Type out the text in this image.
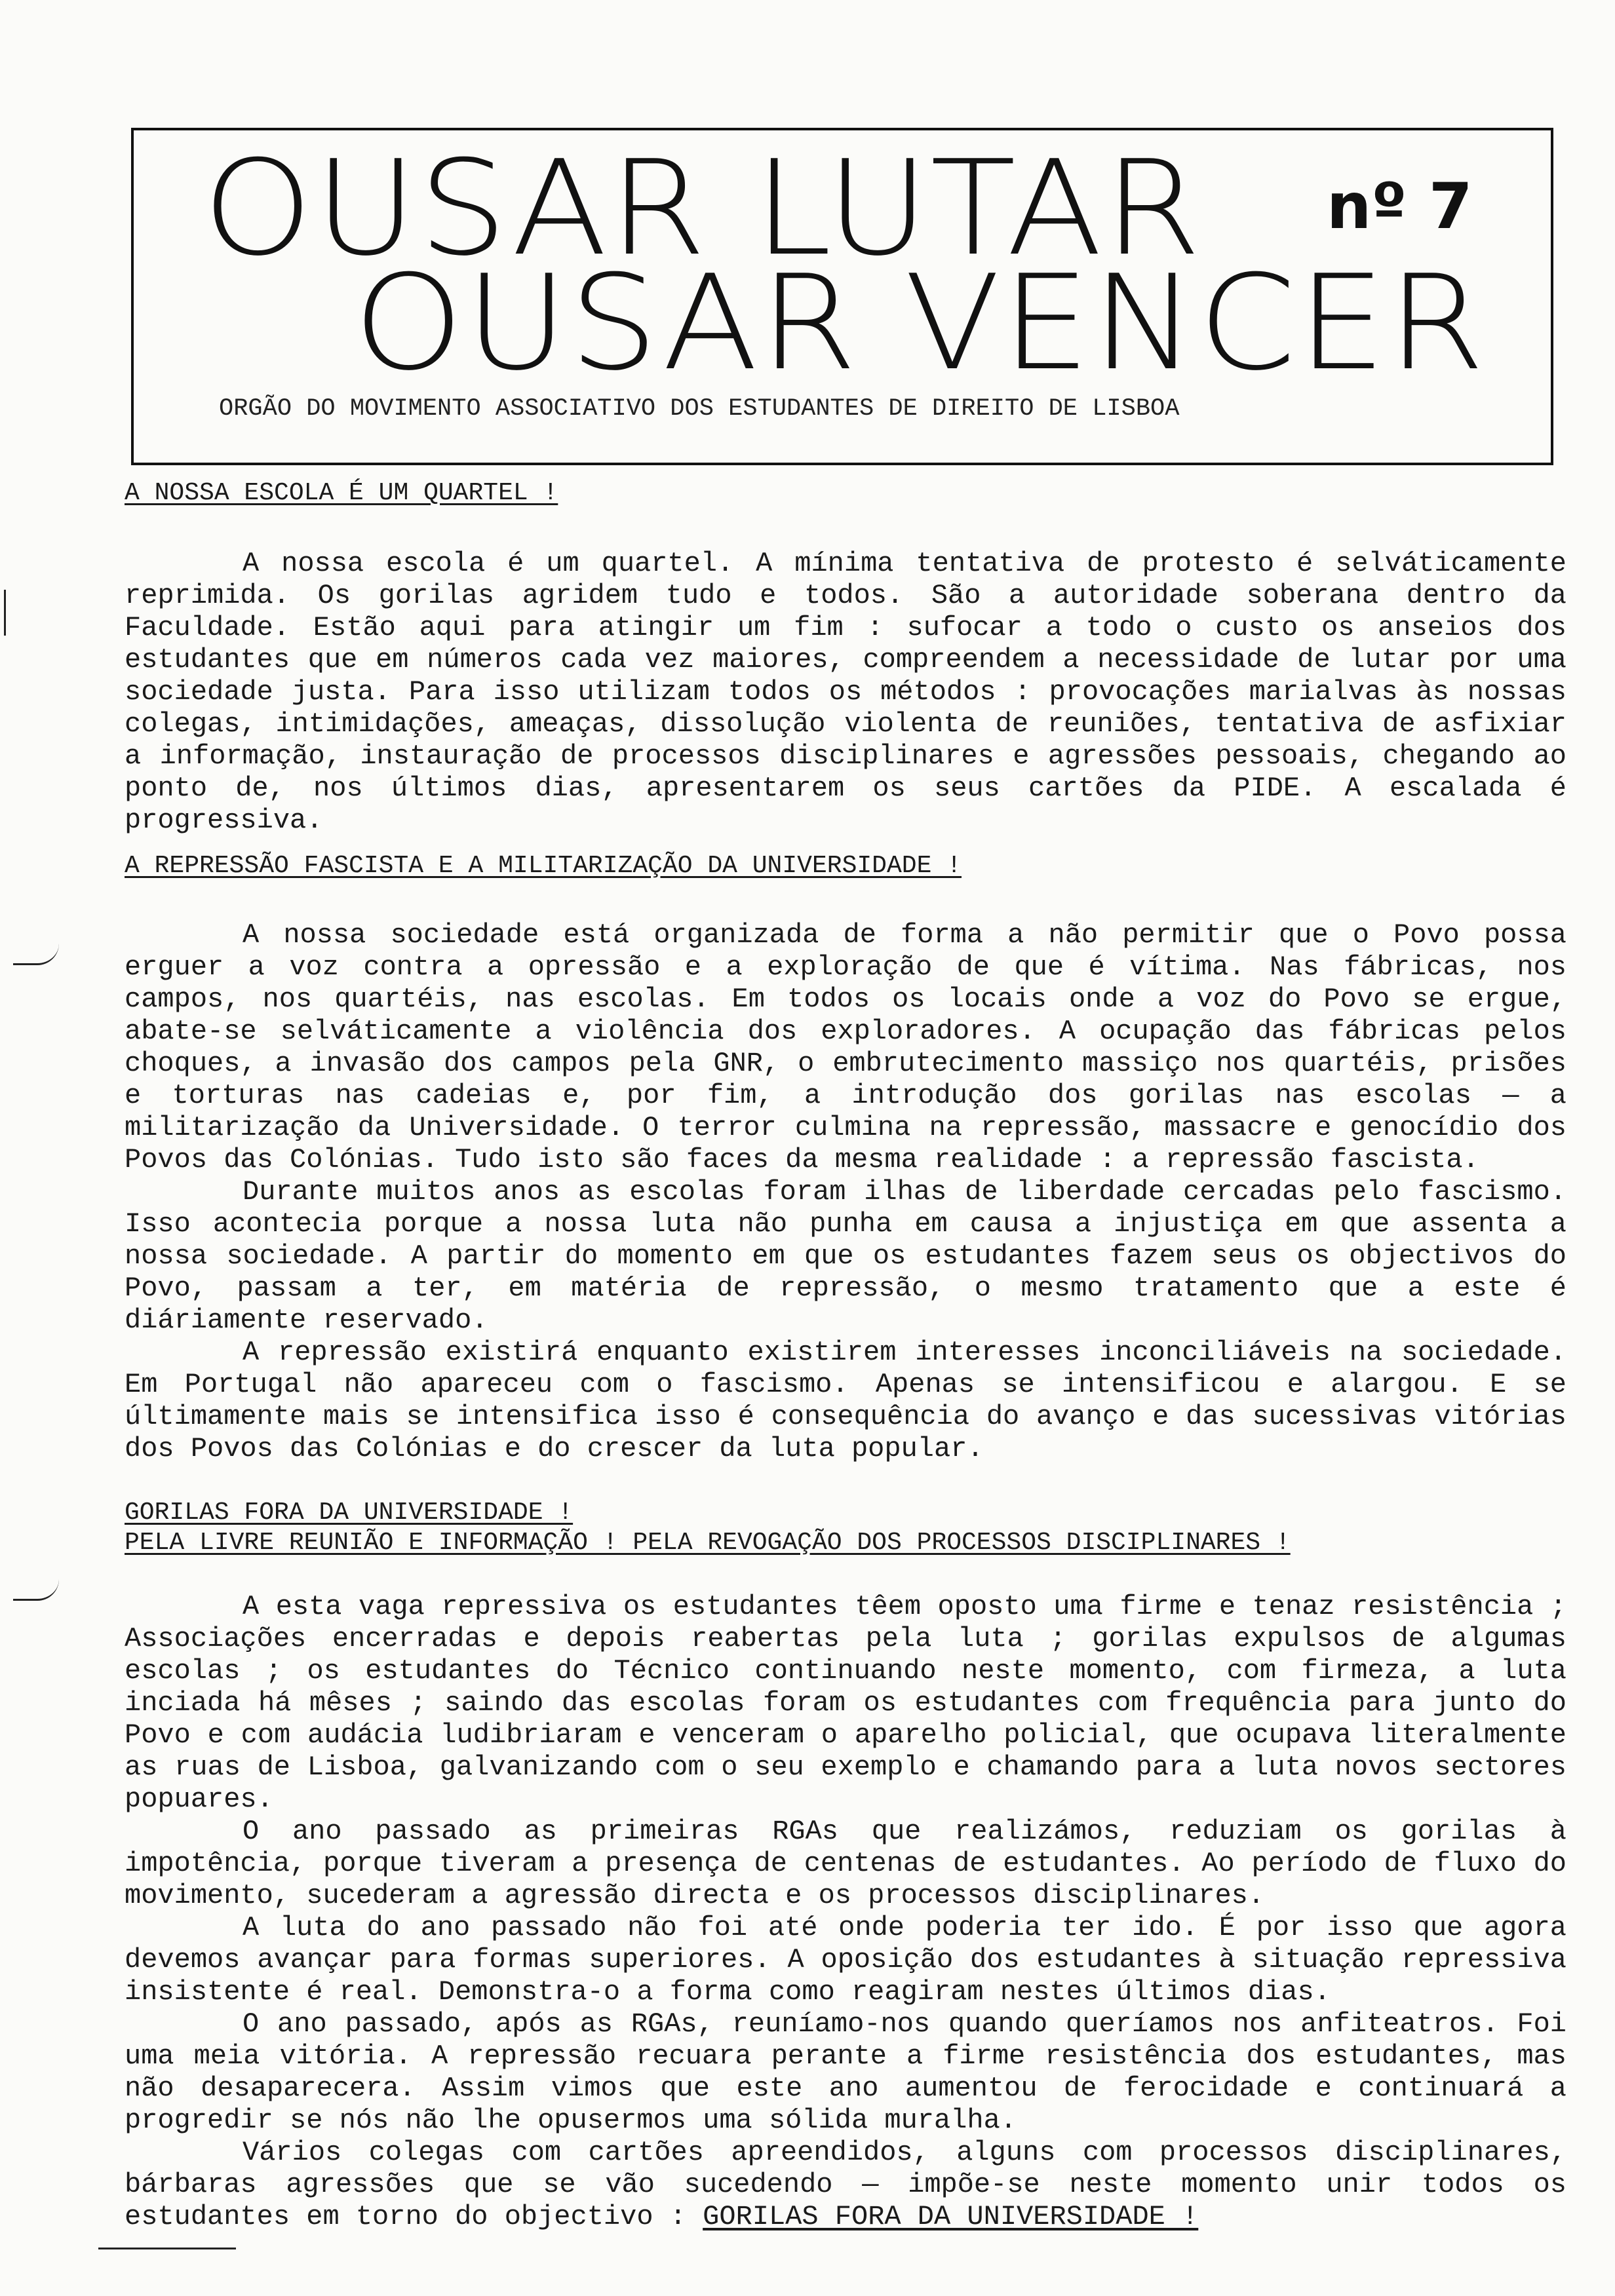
OUSAR LUTAR
OUSAR VENCER
nº 7
ORGÃO DO MOVIMENTO ASSOCIATIVO DOS ESTUDANTES DE DIREITO DE LISBOA
A NOSSA ESCOLA É UM QUARTEL !

A nossa escola é um quartel. A mínima tentativa de protesto é selváticamente reprimida. Os gorilas agridem tudo e todos. São a autoridade soberana dentro da Faculdade. Estão aqui para atingir um fim : sufocar a todo o custo os anseios dos estudantes que em números cada vez maiores, compreendem a necessidade de lutar por uma sociedade justa. Para isso utilizam todos os métodos : provocações marialvas às nossas colegas, intimidações, ameaças, dissolução violenta de reuniões, tentativa de asfixiar a informação, instauração de processos disciplinares e agressões pessoais, chegando ao ponto de, nos últimos dias, apresentarem os seus cartões da PIDE. A escalada é progressiva.

A REPRESSÃO FASCISTA E A MILITARIZAÇÃO DA UNIVERSIDADE !

A nossa sociedade está organizada de forma a não permitir que o Povo possa erguer a voz contra a opressão e a exploração de que é vítima. Nas fábricas, nos campos, nos quartéis, nas escolas. Em todos os locais onde a voz do Povo se ergue, abate-se selváticamente a violência dos exploradores. A ocupação das fábricas pelos choques, a invasão dos campos pela GNR, o embrutecimento massiço nos quartéis, prisões e torturas nas cadeias e, por fim, a introdução dos gorilas nas escolas — a militarização da Universidade. O terror culmina na repressão, massacre e genocídio dos Povos das Colónias. Tudo isto são faces da mesma realidade : a repressão fascista.

Durante muitos anos as escolas foram ilhas de liberdade cercadas pelo fascismo. Isso acontecia porque a nossa luta não punha em causa a injustiça em que assenta a nossa sociedade. A partir do momento em que os estudantes fazem seus os objectivos do Povo, passam a ter, em matéria de repressão, o mesmo tratamento que a este é diáriamente reservado.

A repressão existirá enquanto existirem interesses inconciliáveis na sociedade. Em Portugal não apareceu com o fascismo. Apenas se intensificou e alargou. E se últimamente mais se intensifica isso é consequência do avanço e das sucessivas vitórias dos Povos das Colónias e do crescer da luta popular.

GORILAS FORA DA UNIVERSIDADE !
PELA LIVRE REUNIÃO E INFORMAÇÃO ! PELA REVOGAÇÃO DOS PROCESSOS DISCIPLINARES !

A esta vaga repressiva os estudantes têem oposto uma firme e tenaz resistência ; Associações encerradas e depois reabertas pela luta ; gorilas expulsos de algumas escolas ; os estudantes do Técnico continuando neste momento, com firmeza, a luta inciada há mêses ; saindo das escolas foram os estudantes com frequência para junto do Povo e com audácia ludibriaram e venceram o aparelho policial, que ocupava literalmente as ruas de Lisboa, galvanizando com o seu exemplo e chamando para a luta novos sectores popuares.

O ano passado as primeiras RGAs que realizámos, reduziam os gorilas à impotência, porque tiveram a presença de centenas de estudantes. Ao período de fluxo do movimento, sucederam a agressão directa e os processos disciplinares.

A luta do ano passado não foi até onde poderia ter ido. É por isso que agora devemos avançar para formas superiores. A oposição dos estudantes à situação repressiva insistente é real. Demonstra-o a forma como reagiram nestes últimos dias.

O ano passado, após as RGAs, reuníamo-nos quando queríamos nos anfiteatros. Foi uma meia vitória. A repressão recuara perante a firme resistência dos estudantes, mas não desaparecera. Assim vimos que este ano aumentou de ferocidade e continuará a progredir se nós não lhe opusermos uma sólida muralha.

Vários colegas com cartões apreendidos, alguns com processos disciplinares, bárbaras agressões que se vão sucedendo — impõe-se neste momento unir todos os estudantes em torno do objectivo : GORILAS FORA DA UNIVERSIDADE !
